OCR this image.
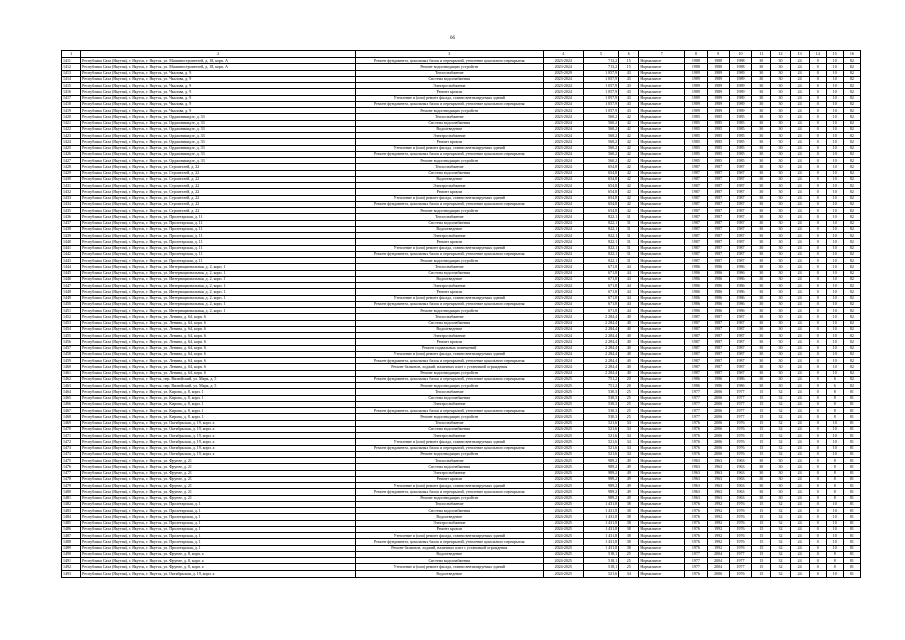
66
1	2	3	4	5	6	7	8	9	10	11	12	13	14	15	16
1411	Республика Саха (Якутия), г. Якутск, г. Якутск, ул. Машиностроителей, д. 18, корп. А	Ремонт фундамента, цокольных балок и перекрытий, утепление цокольного перекрытия	2023-2024	713,2	15	Нормальное	1988	1988	1988	30	30	24	0	10	82
1412	Республика Саха (Якутия), г. Якутск, г. Якутск, ул. Машиностроителей, д. 18, корп. А	Ремонт водоотводящих устройств	2023-2024	713,2	15	Нормальное	1988	1988	1988	30	30	24	0	10	82
1413	Республика Саха (Якутия), г. Якутск, г. Якутск, ул. Чкалова, д. 9	Теплоснабжение	2025-2029	1 057,9	43	Нормальное	1989	1989	1989	30	30	24	0	10	82
1414	Республика Саха (Якутия), г. Якутск, г. Якутск, ул. Чкалова, д. 9	Система водоснабжения	2023-2024	1 057,9	43	Нормальное	1989	1989	1989	30	30	24	0	10	82
1415	Республика Саха (Якутия), г. Якутск, г. Якутск, ул. Чкалова, д. 9	Электроснабжение	2023-2024	1 057,9	43	Нормальное	1989	1989	1989	30	30	24	0	10	82
1416	Республика Саха (Якутия), г. Якутск, г. Якутск, ул. Чкалова, д. 9	Ремонт кровли	2023-2024	1 057,9	43	Нормальное	1989	1989	1989	30	30	24	0	10	82
1417	Республика Саха (Якутия), г. Якутск, г. Якутск, ул. Чкалова, д. 9	Утепление и (или) ремонт фасада, ставни вентилируемых зданий	2023-2024	1 057,9	43	Нормальное	1989	1989	1989	30	30	24	0	10	82
1418	Республика Саха (Якутия), г. Якутск, г. Якутск, ул. Чкалова, д. 9	Ремонт фундамента, цокольных балок и перекрытий, утепление цокольного перекрытия	2023-2024	1 057,9	43	Нормальное	1989	1989	1989	30	30	24	0	10	82
1419	Республика Саха (Якутия), г. Якутск, г. Якутск, ул. Чкалова, д. 9	Ремонт водоотводящих устройств	2023-2024	1 057,9	43	Нормальное	1989	1989	1989	30	30	24	0	10	82
1420	Республика Саха (Якутия), г. Якутск, г. Якутск, ул. Орджоникидзе, д. 33	Теплоснабжение	2023-2024	560,2	42	Нормальное	1985	1985	1985	30	30	24	0	10	82
1421	Республика Саха (Якутия), г. Якутск, г. Якутск, ул. Орджоникидзе, д. 33	Система водоснабжения	2023-2024	560,2	42	Нормальное	1985	1985	1985	30	30	24	0	10	82
1422	Республика Саха (Якутия), г. Якутск, г. Якутск, ул. Орджоникидзе, д. 33	Водоотведение	2023-2024	560,2	42	Нормальное	1985	1985	1985	30	30	24	0	10	82
1423	Республика Саха (Якутия), г. Якутск, г. Якутск, ул. Орджоникидзе, д. 33	Электроснабжение	2023-2024	560,2	42	Нормальное	1985	1985	1985	30	30	24	0	10	82
1424	Республика Саха (Якутия), г. Якутск, г. Якутск, ул. Орджоникидзе, д. 33	Ремонт кровли	2023-2024	560,2	42	Нормальное	1985	1985	1985	30	30	24	0	10	82
1425	Республика Саха (Якутия), г. Якутск, г. Якутск, ул. Орджоникидзе, д. 33	Утепление и (или) ремонт фасада, ставни вентилируемых зданий	2023-2024	560,2	42	Нормальное	1985	1985	1985	30	30	24	0	10	82
1426	Республика Саха (Якутия), г. Якутск, г. Якутск, ул. Орджоникидзе, д. 33	Ремонт фундамента, цокольных балок и перекрытий, утепление цокольного перекрытия	2023-2024	560,2	42	Нормальное	1985	1985	1985	30	30	24	0	10	82
1427	Республика Саха (Якутия), г. Якутск, г. Якутск, ул. Орджоникидзе, д. 33	Ремонт водоотводящих устройств	2023-2024	560,2	42	Нормальное	1985	1985	1985	30	30	24	0	10	82
1428	Республика Саха (Якутия), г. Якутск, г. Якутск, ул. Строителей, д. 22	Теплоснабжение	2023-2024	654,8	42	Нормальное	1987	1987	1987	30	30	24	0	10	82
1429	Республика Саха (Якутия), г. Якутск, г. Якутск, ул. Строителей, д. 22	Система водоснабжения	2023-2024	654,8	42	Нормальное	1987	1987	1987	30	30	24	0	10	82
1430	Республика Саха (Якутия), г. Якутск, г. Якутск, ул. Строителей, д. 22	Водоотведение	2023-2024	654,8	42	Нормальное	1987	1987	1987	30	30	24	0	10	82
1431	Республика Саха (Якутия), г. Якутск, г. Якутск, ул. Строителей, д. 22	Электроснабжение	2023-2024	654,8	42	Нормальное	1987	1987	1987	30	30	24	0	10	82
1432	Республика Саха (Якутия), г. Якутск, г. Якутск, ул. Строителей, д. 22	Ремонт кровли	2023-2024	654,8	42	Нормальное	1987	1987	1987	30	30	24	0	10	82
1433	Республика Саха (Якутия), г. Якутск, г. Якутск, ул. Строителей, д. 22	Утепление и (или) ремонт фасада, ставни вентилируемых зданий	2023-2024	654,8	42	Нормальное	1987	1987	1987	30	30	24	0	10	82
1434	Республика Саха (Якутия), г. Якутск, г. Якутск, ул. Строителей, д. 22	Ремонт фундамента, цокольных балок и перекрытий, утепление цокольного перекрытия	2023-2024	654,8	42	Нормальное	1987	1987	1987	30	30	24	0	10	82
1435	Республика Саха (Якутия), г. Якутск, г. Якутск, ул. Строителей, д. 22	Ремонт водоотводящих устройств	2023-2024	654,8	42	Нормальное	1987	1987	1987	30	30	24	0	10	82
1436	Республика Саха (Якутия), г. Якутск, г. Якутск, ул. Пролетарская, д. 11	Теплоснабжение	2023-2024	822,1	31	Нормальное	1987	1987	1987	30	30	24	0	10	82
1437	Республика Саха (Якутия), г. Якутск, г. Якутск, ул. Пролетарская, д. 11	Система водоснабжения	2023-2024	822,1	31	Нормальное	1987	1987	1987	30	30	24	0	10	82
1438	Республика Саха (Якутия), г. Якутск, г. Якутск, ул. Пролетарская, д. 11	Водоотведение	2023-2024	822,1	31	Нормальное	1987	1987	1987	30	30	24	0	10	82
1439	Республика Саха (Якутия), г. Якутск, г. Якутск, ул. Пролетарская, д. 11	Электроснабжение	2023-2024	822,1	31	Нормальное	1987	1987	1987	30	30	24	0	10	82
1440	Республика Саха (Якутия), г. Якутск, г. Якутск, ул. Пролетарская, д. 11	Ремонт кровли	2023-2024	822,1	31	Нормальное	1987	1987	1987	30	30	24	0	10	82
1441	Республика Саха (Якутия), г. Якутск, г. Якутск, ул. Пролетарская, д. 11	Утепление и (или) ремонт фасада, ставни вентилируемых зданий	2023-2024	822,1	31	Нормальное	1987	1987	1987	30	30	24	0	10	82
1442	Республика Саха (Якутия), г. Якутск, г. Якутск, ул. Пролетарская, д. 11	Ремонт фундамента, цокольных балок и перекрытий, утепление цокольного перекрытия	2023-2024	822,1	31	Нормальное	1987	1987	1987	30	30	24	0	10	82
1443	Республика Саха (Якутия), г. Якутск, г. Якутск, ул. Пролетарская, д. 11	Ремонт водоотводящих устройств	2023-2024	822,1	31	Нормальное	1987	1987	1987	30	30	24	0	10	82
1444	Республика Саха (Якутия), г. Якутск, г. Якутск, ул. Интернациональная, д. 2, корп. 1	Теплоснабжение	2023-2024	671,8	44	Нормальное	1986	1986	1986	30	30	24	0	10	82
1445	Республика Саха (Якутия), г. Якутск, г. Якутск, ул. Интернациональная, д. 2, корп. 1	Система водоснабжения	2023-2024	671,8	44	Нормальное	1986	1986	1986	30	30	24	0	10	82
1446	Республика Саха (Якутия), г. Якутск, г. Якутск, ул. Интернациональная, д. 2, корп. 1	Водоотведение	2023-2024	671,8	44	Нормальное	1986	1986	1986	30	30	24	0	10	82
1447	Республика Саха (Якутия), г. Якутск, г. Якутск, ул. Интернациональная, д. 2, корп. 1	Электроснабжение	2023-2024	671,8	44	Нормальное	1986	1986	1986	30	30	24	0	10	82
1448	Республика Саха (Якутия), г. Якутск, г. Якутск, ул. Интернациональная, д. 2, корп. 1	Ремонт кровли	2023-2024	671,8	44	Нормальное	1986	1986	1986	30	30	24	0	10	82
1449	Республика Саха (Якутия), г. Якутск, г. Якутск, ул. Интернациональная, д. 2, корп. 1	Утепление и (или) ремонт фасада, ставни вентилируемых зданий	2023-2024	671,8	44	Нормальное	1986	1986	1986	30	30	24	0	10	82
1450	Республика Саха (Якутия), г. Якутск, г. Якутск, ул. Интернациональная, д. 2, корп. 1	Ремонт фундамента, цокольных балок и перекрытий, утепление цокольного перекрытия	2023-2024	671,8	44	Нормальное	1986	1986	1986	30	30	24	0	10	82
1451	Республика Саха (Якутия), г. Якутск, г. Якутск, ул. Интернациональная, д. 2, корп. 1	Ремонт водоотводящих устройств	2023-2024	671,8	44	Нормальное	1986	1986	1986	30	30	24	0	10	82
1452	Республика Саха (Якутия), г. Якутск, г. Якутск, ул. Ленина, д. 64, корп. 6	Теплоснабжение	2023-2024	2 284,4	40	Нормальное	1987	1987	1987	30	30	24	0	10	82
1453	Республика Саха (Якутия), г. Якутск, г. Якутск, ул. Ленина, д. 64, корп. 6	Система водоснабжения	2023-2024	2 284,4	40	Нормальное	1987	1987	1987	30	30	24	0	10	82
1454	Республика Саха (Якутия), г. Якутск, г. Якутск, ул. Ленина, д. 64, корп. 6	Водоотведение	2023-2024	2 284,4	40	Нормальное	1987	1987	1987	30	30	24	0	10	82
1455	Республика Саха (Якутия), г. Якутск, г. Якутск, ул. Ленина, д. 64, корп. 6	Электроснабжение	2023-2024	2 284,4	40	Нормальное	1987	1987	1987	30	30	24	0	10	82
1456	Республика Саха (Якутия), г. Якутск, г. Якутск, ул. Ленина, д. 64, корп. 6	Ремонт кровли	2023-2024	2 284,4	40	Нормальное	1987	1987	1987	30	30	24	0	10	82
1457	Республика Саха (Якутия), г. Якутск, г. Якутск, ул. Ленина, д. 64, корп. 6	Ремонт подвальных помещений	2023-2024	2 284,4	40	Нормальное	1987	1987	1987	30	30	24	0	10	82
1458	Республика Саха (Якутия), г. Якутск, г. Якутск, ул. Ленина, д. 64, корп. 6	Утепление и (или) ремонт фасада, ставни вентилируемых зданий	2023-2024	2 284,4	40	Нормальное	1987	1987	1987	30	30	24	0	10	82
1459	Республика Саха (Якутия), г. Якутск, г. Якутск, ул. Ленина, д. 64, корп. 6	Ремонт фундамента, цокольных балок и перекрытий, утепление цокольного перекрытия	2023-2024	2 284,4	40	Нормальное	1987	1987	1987	30	30	24	0	10	82
1460	Республика Саха (Якутия), г. Якутск, г. Якутск, ул. Ленина, д. 64, корп. 6	Ремонт балконов, лоджий, наличных плит с установкой ограждения	2023-2024	2 284,4	40	Нормальное	1987	1987	1987	30	30	24	0	10	82
1461	Республика Саха (Якутия), г. Якутск, г. Якутск, ул. Ленина, д. 64, корп. 6	Ремонт водоотводящих устройств	2023-2024	2 284,4	40	Нормальное	1987	1987	1987	30	30	24	0	10	82
1462	Республика Саха (Якутия), г. Якутск, г. Якутск, пер. Вилюйский, ул. Марк, д. 5	Ремонт фундамента, цокольных балок и перекрытий, утепление цокольного перекрытия	2024-2025	751,2	20	Нормальное	1986	1986	1986	30	30	24	0	6	82
1463	Республика Саха (Якутия), г. Якутск, г. Якутск, пер. Вилюйский, ул. Марк, д. 5	Ремонт водоотводящих устройств	2024-2025	751,2	20	Нормальное	1986	1986	1986	30	30	24	0	6	82
1464	Республика Саха (Якутия), г. Якутск, г. Якутск, ул. Кирова, д. 8, корп. 1	Теплоснабжение	2024-2025	530,3	25	Нормальное	1977	2006	1977	15	32	24	0	8	81
1465	Республика Саха (Якутия), г. Якутск, г. Якутск, ул. Кирова, д. 8, корп. 1	Система водоснабжения	2024-2025	530,3	25	Нормальное	1977	2006	1977	15	32	24	0	8	81
1466	Республика Саха (Якутия), г. Якутск, г. Якутск, ул. Кирова, д. 8, корп. 1	Электроснабжение	2024-2025	530,3	25	Нормальное	1977	2006	1977	15	32	24	0	8	81
1467	Республика Саха (Якутия), г. Якутск, г. Якутск, ул. Кирова, д. 8, корп. 1	Ремонт фундамента, цокольных балок и перекрытий, утепление цокольного перекрытия	2024-2025	530,3	25	Нормальное	1977	2006	1977	15	32	24	0	8	81
1468	Республика Саха (Якутия), г. Якутск, г. Якутск, ул. Кирова, д. 8, корп. 1	Ремонт водоотводящих устройств	2024-2025	530,3	25	Нормальное	1977	2006	1977	15	32	24	0	8	81
1469	Республика Саха (Якутия), г. Якутск, г. Якутск, ул. Октябрьская, д. 19, корп. а	Теплоснабжение	2024-2025	521,6	34	Нормальное	1976	2006	1976	15	32	24	0	10	81
1470	Республика Саха (Якутия), г. Якутск, г. Якутск, ул. Октябрьская, д. 19, корп. а	Система водоснабжения	2024-2025	521,6	34	Нормальное	1976	2006	1976	15	32	24	0	10	81
1471	Республика Саха (Якутия), г. Якутск, г. Якутск, ул. Октябрьская, д. 19, корп. а	Электроснабжение	2024-2025	521,6	34	Нормальное	1976	2006	1976	15	32	24	0	10	81
1472	Республика Саха (Якутия), г. Якутск, г. Якутск, ул. Октябрьская, д. 19, корп. а	Утепление и (или) ремонт фасада, ставни вентилируемых зданий	2024-2025	521,6	34	Нормальное	1976	2006	1976	15	32	24	0	10	81
1473	Республика Саха (Якутия), г. Якутск, г. Якутск, ул. Октябрьская, д. 19, корп. а	Ремонт фундамента, цокольных балок и перекрытий, утепление цокольного перекрытия	2024-2025	521,6	34	Нормальное	1976	2006	1976	15	32	24	0	10	81
1474	Республика Саха (Якутия), г. Якутск, г. Якутск, ул. Октябрьская, д. 19, корп. а	Ремонт водоотводящих устройств	2024-2025	521,6	34	Нормальное	1976	2006	1976	15	32	24	0	10	81
1475	Республика Саха (Якутия), г. Якутск, г. Якутск, ул. Фрунзе, д. 21	Теплоснабжение	2024-2025	989,2	49	Нормальное	1963	1963	1963	30	30	24	0	8	81
1476	Республика Саха (Якутия), г. Якутск, г. Якутск, ул. Фрунзе, д. 21	Система водоснабжения	2024-2025	989,2	49	Нормальное	1963	1963	1963	30	30	24	0	8	81
1477	Республика Саха (Якутия), г. Якутск, г. Якутск, ул. Фрунзе, д. 21	Электроснабжение	2024-2025	989,2	49	Нормальное	1963	1963	1963	30	30	24	0	8	81
1478	Республика Саха (Якутия), г. Якутск, г. Якутск, ул. Фрунзе, д. 21	Ремонт кровли	2024-2025	989,2	49	Нормальное	1963	1963	1963	30	30	24	0	8	81
1479	Республика Саха (Якутия), г. Якутск, г. Якутск, ул. Фрунзе, д. 21	Утепление и (или) ремонт фасада, ставни вентилируемых зданий	2024-2025	989,2	49	Нормальное	1963	1963	1963	30	30	24	0	8	81
1480	Республика Саха (Якутия), г. Якутск, г. Якутск, ул. Фрунзе, д. 21	Ремонт фундамента, цокольных балок и перекрытий, утепление цокольного перекрытия	2024-2025	989,2	49	Нормальное	1963	1963	1963	30	30	24	0	8	81
1481	Республика Саха (Якутия), г. Якутск, г. Якутск, ул. Фрунзе, д. 21	Ремонт водоотводящих устройств	2024-2025	989,2	49	Нормальное	1963	1963	1963	30	30	24	0	8	81
1482	Республика Саха (Якутия), г. Якутск, г. Якутск, ул. Пролетарская, д. 1	Теплоснабжение	2024-2025	1 431,8	38	Нормальное	1976	1992	1976	15	32	24	0	10	81
1483	Республика Саха (Якутия), г. Якутск, г. Якутск, ул. Пролетарская, д. 1	Система водоснабжения	2024-2025	1 431,8	38	Нормальное	1976	1992	1976	15	32	24	0	10	81
1484	Республика Саха (Якутия), г. Якутск, г. Якутск, ул. Пролетарская, д. 1	Водоотведение	2024-2025	1 431,8	38	Нормальное	1976	1992	1976	15	32	24	0	10	81
1485	Республика Саха (Якутия), г. Якутск, г. Якутск, ул. Пролетарская, д. 1	Электроснабжение	2024-2025	1 431,8	38	Нормальное	1976	1992	1976	15	32	24	0	10	81
1486	Республика Саха (Якутия), г. Якутск, г. Якутск, ул. Пролетарская, д. 1	Ремонт кровли	2024-2025	1 431,8	38	Нормальное	1976	1992	1976	15	32	24	0	10	81
1487	Республика Саха (Якутия), г. Якутск, г. Якутск, ул. Пролетарская, д. 1	Утепление и (или) ремонт фасада, ставни вентилируемых зданий	2024-2025	1 431,8	38	Нормальное	1976	1992	1976	15	32	24	0	10	81
1488	Республика Саха (Якутия), г. Якутск, г. Якутск, ул. Пролетарская, д. 1	Ремонт фундамента, цокольных балок и перекрытий, утепление цокольного перекрытия	2024-2025	1 431,8	38	Нормальное	1976	1992	1976	15	32	24	0	10	81
1489	Республика Саха (Якутия), г. Якутск, г. Якутск, ул. Пролетарская, д. 1	Ремонт балконов, лоджий, наличных плит с установкой ограждения	2024-2025	1 431,8	38	Нормальное	1976	1992	1976	15	32	24	0	10	81
1490	Республика Саха (Якутия), г. Якутск, г. Якутск, ул. Фрунзе, д. 8, корп. а	Водоотведение	2024-2025	518,1	25	Нормальное	1977	2004	1977	15	32	24	0	8	81
1491	Республика Саха (Якутия), г. Якутск, г. Якутск, ул. Фрунзе, д. 8, корп. а	Система водоснабжения	2024-2025	518,1	25	Нормальное	1977	2004	1977	15	32	24	0	8	81
1492	Республика Саха (Якутия), г. Якутск, г. Якутск, ул. Фрунзе, д. 8, корп. а	Утепление и (или) ремонт фасада, ставни вентилируемых зданий	2024-2025	518,1	25	Нормальное	1977	2004	1977	15	32	24	0	8	81
1493	Республика Саха (Якутия), г. Якутск, г. Якутск, ул. Октябрьская, д. 19, корп. а	Водоотведение	2024-2025	521,6	34	Нормальное	1976	2006	1976	15	32	24	0	10	81
